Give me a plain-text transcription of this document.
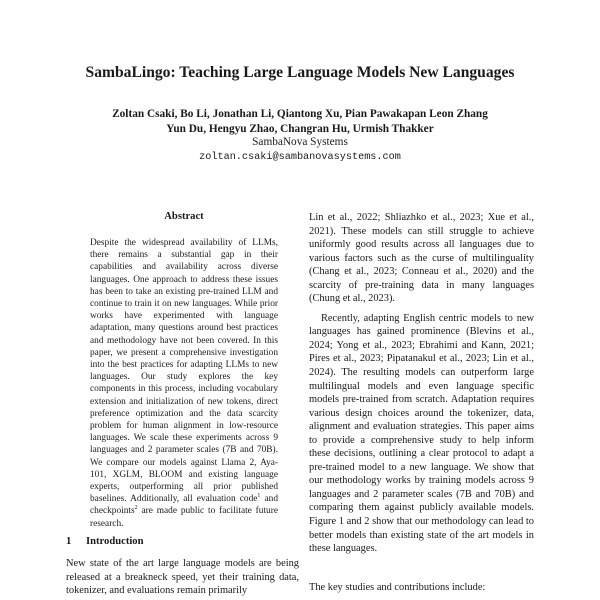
SambaLingo: Teaching Large Language Models New Languages
Zoltan Csaki, Bo Li, Jonathan Li, Qiantong Xu, Pian Pawakapan Leon Zhang
Yun Du, Hengyu Zhao, Changran Hu, Urmish Thakker
SambaNova Systems
zoltan.csaki@sambanovasystems.com
Abstract
Despite the widespread availability of LLMs, there remains a substantial gap in their capabilities and availability across diverse languages. One approach to address these issues has been to take an existing pre-trained LLM and continue to train it on new languages. While prior works have experimented with language adaptation, many questions around best practices and methodology have not been covered. In this paper, we present a comprehensive investigation into the best practices for adapting LLMs to new languages. Our study explores the key components in this process, including vocabulary extension and initialization of new tokens, direct preference optimization and the data scarcity problem for human alignment in low-resource languages. We scale these experiments across 9 languages and 2 parameter scales (7B and 70B). We compare our models against Llama 2, Aya-101, XGLM, BLOOM and existing language experts, outperforming all prior published baselines. Additionally, all evaluation code$^1$ and checkpoints$^2$ are made public to facilitate future research.
1 Introduction
New state of the art large language models are being released at a breakneck speed, yet their training data, tokenizer, and evaluations remain primarily

Lin et al., 2022; Shliazhko et al., 2023; Xue et al., 2021). These models can still struggle to achieve uniformly good results across all languages due to various factors such as the curse of multilinguality (Chang et al., 2023; Conneau et al., 2020) and the scarcity of pre-training data in many languages (Chung et al., 2023).

Recently, adapting English centric models to new languages has gained prominence (Blevins et al., 2024; Yong et al., 2023; Ebrahimi and Kann, 2021; Pires et al., 2023; Pipatanakul et al., 2023; Lin et al., 2024). The resulting models can outperform large multilingual models and even language specific models pre-trained from scratch. Adaptation requires various design choices around the tokenizer, data, alignment and evaluation strategies. This paper aims to provide a comprehensive study to help inform these decisions, outlining a clear protocol to adapt a pre-trained model to a new language. We show that our methodology works by training models across 9 languages and 2 parameter scales (7B and 70B) and comparing them against publicly available models. Figure 1 and 2 show that our methodology can lead to better models than existing state of the art models in these languages.

The key studies and contributions include:
